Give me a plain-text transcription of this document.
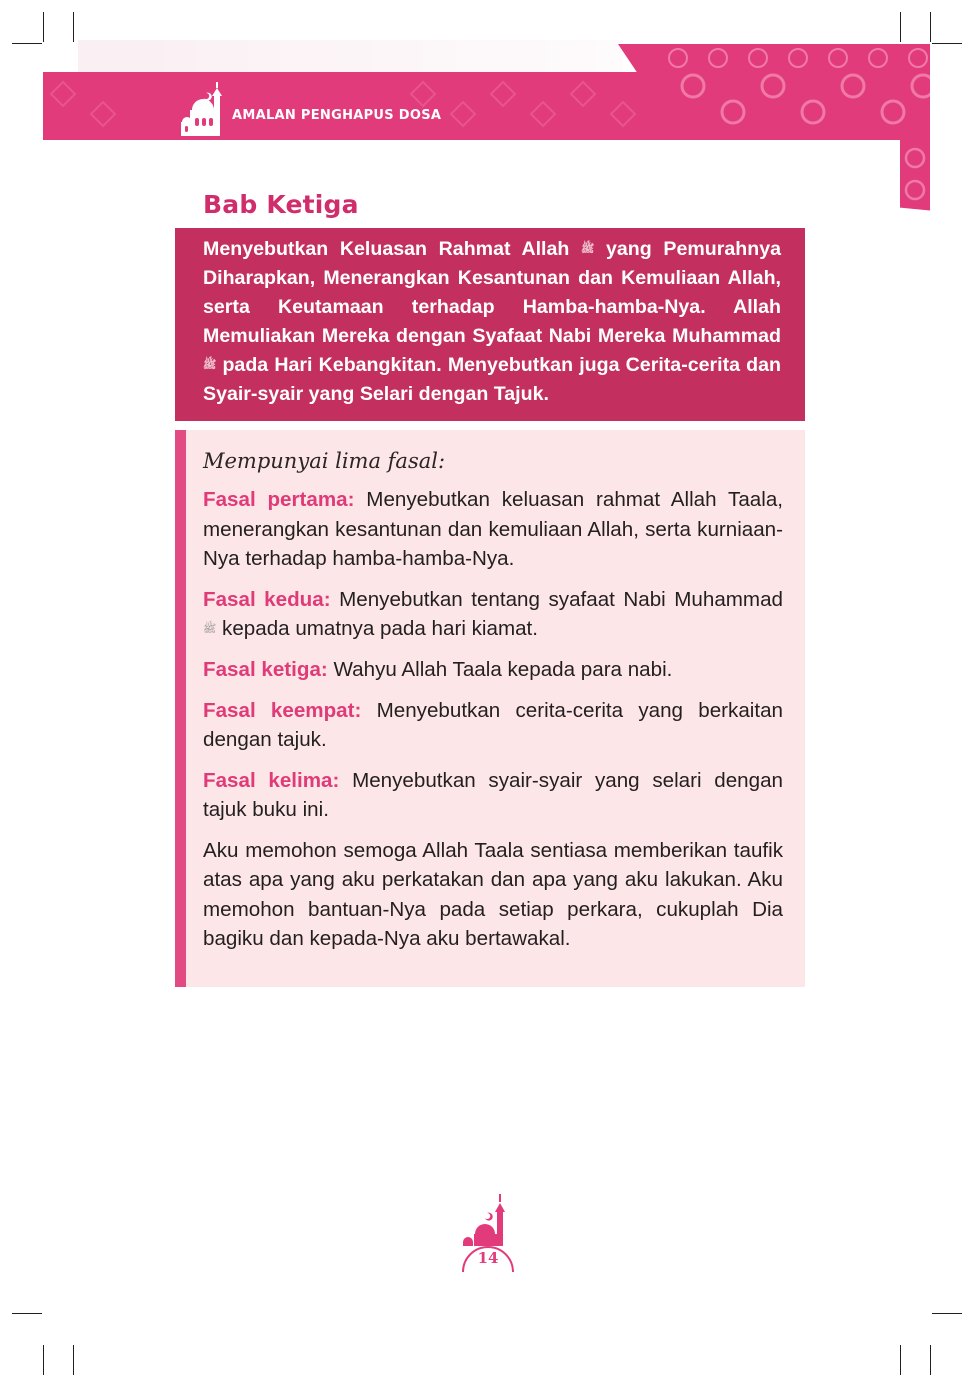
AMALAN PENGHAPUS DOSA

Bab Ketiga

Menyebutkan Keluasan Rahmat Allah ﷺ yang Pemurahnya Diharapkan, Menerangkan Kesantunan dan Kemuliaan Allah, serta Keutamaan terhadap Hamba-hamba-Nya. Allah Memuliakan Mereka dengan Syafaat Nabi Mereka Muhammad ﷺ pada Hari Kebangkitan. Menyebutkan juga Cerita-cerita dan Syair-syair yang Selari dengan Tajuk.

Mempunyai lima fasal:

Fasal pertama: Menyebutkan keluasan rahmat Allah Taala, menerangkan kesantunan dan kemuliaan Allah, serta kurniaan-Nya terhadap hamba-hamba-Nya.

Fasal kedua: Menyebutkan tentang syafaat Nabi Muhammad ﷺ kepada umatnya pada hari kiamat.

Fasal ketiga: Wahyu Allah Taala kepada para nabi.

Fasal keempat: Menyebutkan cerita-cerita yang berkaitan dengan tajuk.

Fasal kelima: Menyebutkan syair-syair yang selari dengan tajuk buku ini.

Aku memohon semoga Allah Taala sentiasa memberikan taufik atas apa yang aku perkatakan dan apa yang aku lakukan. Aku memohon bantuan-Nya pada setiap perkara, cukuplah Dia bagiku dan kepada-Nya aku bertawakal.

14
